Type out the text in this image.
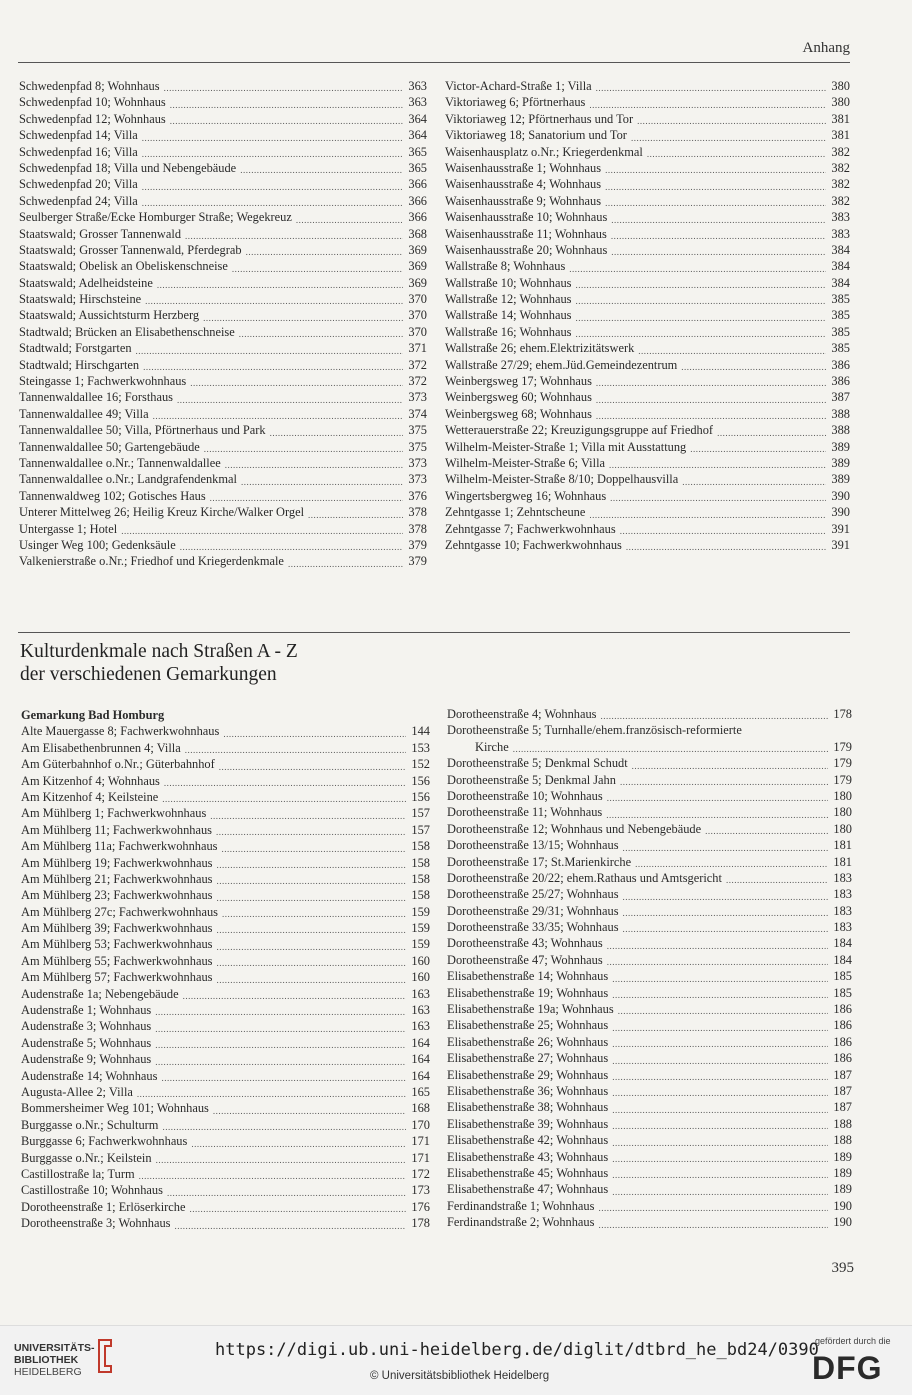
Anhang
Schwedenpfad 8; Wohnhaus .....	363
Schwedenpfad 10; Wohnhaus .....	363
Schwedenpfad 12; Wohnhaus .....	364
Schwedenpfad 14; Villa .....	364
Schwedenpfad 16; Villa .....	365
Schwedenpfad 18; Villa und Nebengebäude .....	365
Schwedenpfad 20; Villa .....	366
Schwedenpfad 24; Villa .....	366
Seulberger Straße/Ecke Homburger Straße; Wegekreuz .....	366
Staatswald; Grosser Tannenwald .....	368
Staatswald; Grosser Tannenwald, Pferdegrab .....	369
Staatswald; Obelisk an Obeliskenschneise .....	369
Staatswald; Adelheidsteine .....	369
Staatswald; Hirschsteine .....	370
Staatswald; Aussichtsturm Herzberg .....	370
Stadtwald; Brücken an Elisabethenschneise .....	370
Stadtwald; Forstgarten .....	371
Stadtwald; Hirschgarten .....	372
Steingasse 1; Fachwerkwohnhaus .....	372
Tannenwaldallee 16; Forsthaus .....	373
Tannenwaldallee 49; Villa .....	374
Tannenwaldallee 50; Villa, Pförtnerhaus und Park .....	375
Tannenwaldallee 50; Gartengebäude .....	375
Tannenwaldallee o.Nr.; Tannenwaldallee .....	373
Tannenwaldallee o.Nr.; Landgrafendenkmal .....	373
Tannenwaldweg 102; Gotisches Haus .....	376
Unterer Mittelweg 26; Heilig Kreuz Kirche/Walker Orgel .....	378
Untergasse 1; Hotel .....	378
Usinger Weg 100; Gedenksäule .....	379
Valkenierstraße o.Nr.; Friedhof und Kriegerdenkmale .....	379
Victor-Achard-Straße 1; Villa .....	380
Viktoriaweg 6; Pförtnerhaus .....	380
Viktoriaweg 12; Pförtnerhaus und Tor .....	381
Viktoriaweg 18; Sanatorium und Tor .....	381
Waisenhausplatz o.Nr.; Kriegerdenkmal .....	382
Waisenhausstraße 1; Wohnhaus .....	382
Waisenhausstraße 4; Wohnhaus .....	382
Waisenhausstraße 9; Wohnhaus .....	382
Waisenhausstraße 10; Wohnhaus .....	383
Waisenhausstraße 11; Wohnhaus .....	383
Waisenhausstraße 20; Wohnhaus .....	384
Wallstraße 8; Wohnhaus .....	384
Wallstraße 10; Wohnhaus .....	384
Wallstraße 12; Wohnhaus .....	385
Wallstraße 14; Wohnhaus .....	385
Wallstraße 16; Wohnhaus .....	385
Wallstraße 26; ehem.Elektrizitätswerk .....	385
Wallstraße 27/29; ehem.Jüd.Gemeindezentrum .....	386
Weinbergsweg 17; Wohnhaus .....	386
Weinbergsweg 60; Wohnhaus .....	387
Weinbergsweg 68; Wohnhaus .....	388
Wetterauerstraße 22; Kreuzigungsgruppe auf Friedhof .....	388
Wilhelm-Meister-Straße 1; Villa mit Ausstattung .....	389
Wilhelm-Meister-Straße 6; Villa .....	389
Wilhelm-Meister-Straße 8/10; Doppelhausvilla .....	389
Wingertsbergweg 16; Wohnhaus .....	390
Zehntgasse 1; Zehntscheune .....	390
Zehntgasse 7; Fachwerkwohnhaus .....	391
Zehntgasse 10; Fachwerkwohnhaus .....	391
Kulturdenkmale nach Straßen A - Z
der verschiedenen Gemarkungen
Gemarkung Bad Homburg
Alte Mauergasse 8; Fachwerkwohnhaus .....	144
Am Elisabethenbrunnen 4; Villa .....	153
Am Güterbahnhof o.Nr.; Güterbahnhof .....	152
Am Kitzenhof 4; Wohnhaus .....	156
Am Kitzenhof 4; Keilsteine .....	156
Am Mühlberg 1; Fachwerkwohnhaus .....	157
Am Mühlberg 11; Fachwerkwohnhaus .....	157
Am Mühlberg 11a; Fachwerkwohnhaus .....	158
Am Mühlberg 19; Fachwerkwohnhaus .....	158
Am Mühlberg 21; Fachwerkwohnhaus .....	158
Am Mühlberg 23; Fachwerkwohnhaus .....	158
Am Mühlberg 27c; Fachwerkwohnhaus .....	159
Am Mühlberg 39; Fachwerkwohnhaus .....	159
Am Mühlberg 53; Fachwerkwohnhaus .....	159
Am Mühlberg 55; Fachwerkwohnhaus .....	160
Am Mühlberg 57; Fachwerkwohnhaus .....	160
Audenstraße 1a; Nebengebäude .....	163
Audenstraße 1; Wohnhaus .....	163
Audenstraße 3; Wohnhaus .....	163
Audenstraße 5; Wohnhaus .....	164
Audenstraße 9; Wohnhaus .....	164
Audenstraße 14; Wohnhaus .....	164
Augusta-Allee 2; Villa .....	165
Bommersheimer Weg 101; Wohnhaus .....	168
Burggasse o.Nr.; Schulturm .....	170
Burggasse 6; Fachwerkwohnhaus .....	171
Burggasse o.Nr.; Keilstein .....	171
Castillostraße la; Turm .....	172
Castillostraße 10; Wohnhaus .....	173
Dorotheenstraße 1; Erlöserkirche .....	176
Dorotheenstraße 3; Wohnhaus .....	178
Dorotheenstraße 4; Wohnhaus .....	178
Dorotheenstraße 5; Turnhalle/ehem.französisch-reformierte
Kirche .....	179
Dorotheenstraße 5; Denkmal Schudt .....	179
Dorotheenstraße 5; Denkmal Jahn .....	179
Dorotheenstraße 10; Wohnhaus .....	180
Dorotheenstraße 11; Wohnhaus .....	180
Dorotheenstraße 12; Wohnhaus und Nebengebäude .....	180
Dorotheenstraße 13/15; Wohnhaus .....	181
Dorotheenstraße 17; St.Marienkirche .....	181
Dorotheenstraße 20/22; ehem.Rathaus und Amtsgericht .....	183
Dorotheenstraße 25/27; Wohnhaus .....	183
Dorotheenstraße 29/31; Wohnhaus .....	183
Dorotheenstraße 33/35; Wohnhaus .....	183
Dorotheenstraße 43; Wohnhaus .....	184
Dorotheenstraße 47; Wohnhaus .....	184
Elisabethenstraße 14; Wohnhaus .....	185
Elisabethenstraße 19; Wohnhaus .....	185
Elisabethenstraße 19a; Wohnhaus .....	186
Elisabethenstraße 25; Wohnhaus .....	186
Elisabethenstraße 26; Wohnhaus .....	186
Elisabethenstraße 27; Wohnhaus .....	186
Elisabethenstraße 29; Wohnhaus .....	187
Elisabethenstraße 36; Wohnhaus .....	187
Elisabethenstraße 38; Wohnhaus .....	187
Elisabethenstraße 39; Wohnhaus .....	188
Elisabethenstraße 42; Wohnhaus .....	188
Elisabethenstraße 43; Wohnhaus .....	189
Elisabethenstraße 45; Wohnhaus .....	189
Elisabethenstraße 47; Wohnhaus .....	189
Ferdinandstraße 1; Wohnhaus .....	190
Ferdinandstraße 2; Wohnhaus .....	190
395
UNIVERSITÄTS-
BIBLIOTHEK
HEIDELBERG
https://digi.ub.uni-heidelberg.de/diglit/dtbrd_he_bd24/0390
© Universitätsbibliothek Heidelberg
gefördert durch die
DFG
